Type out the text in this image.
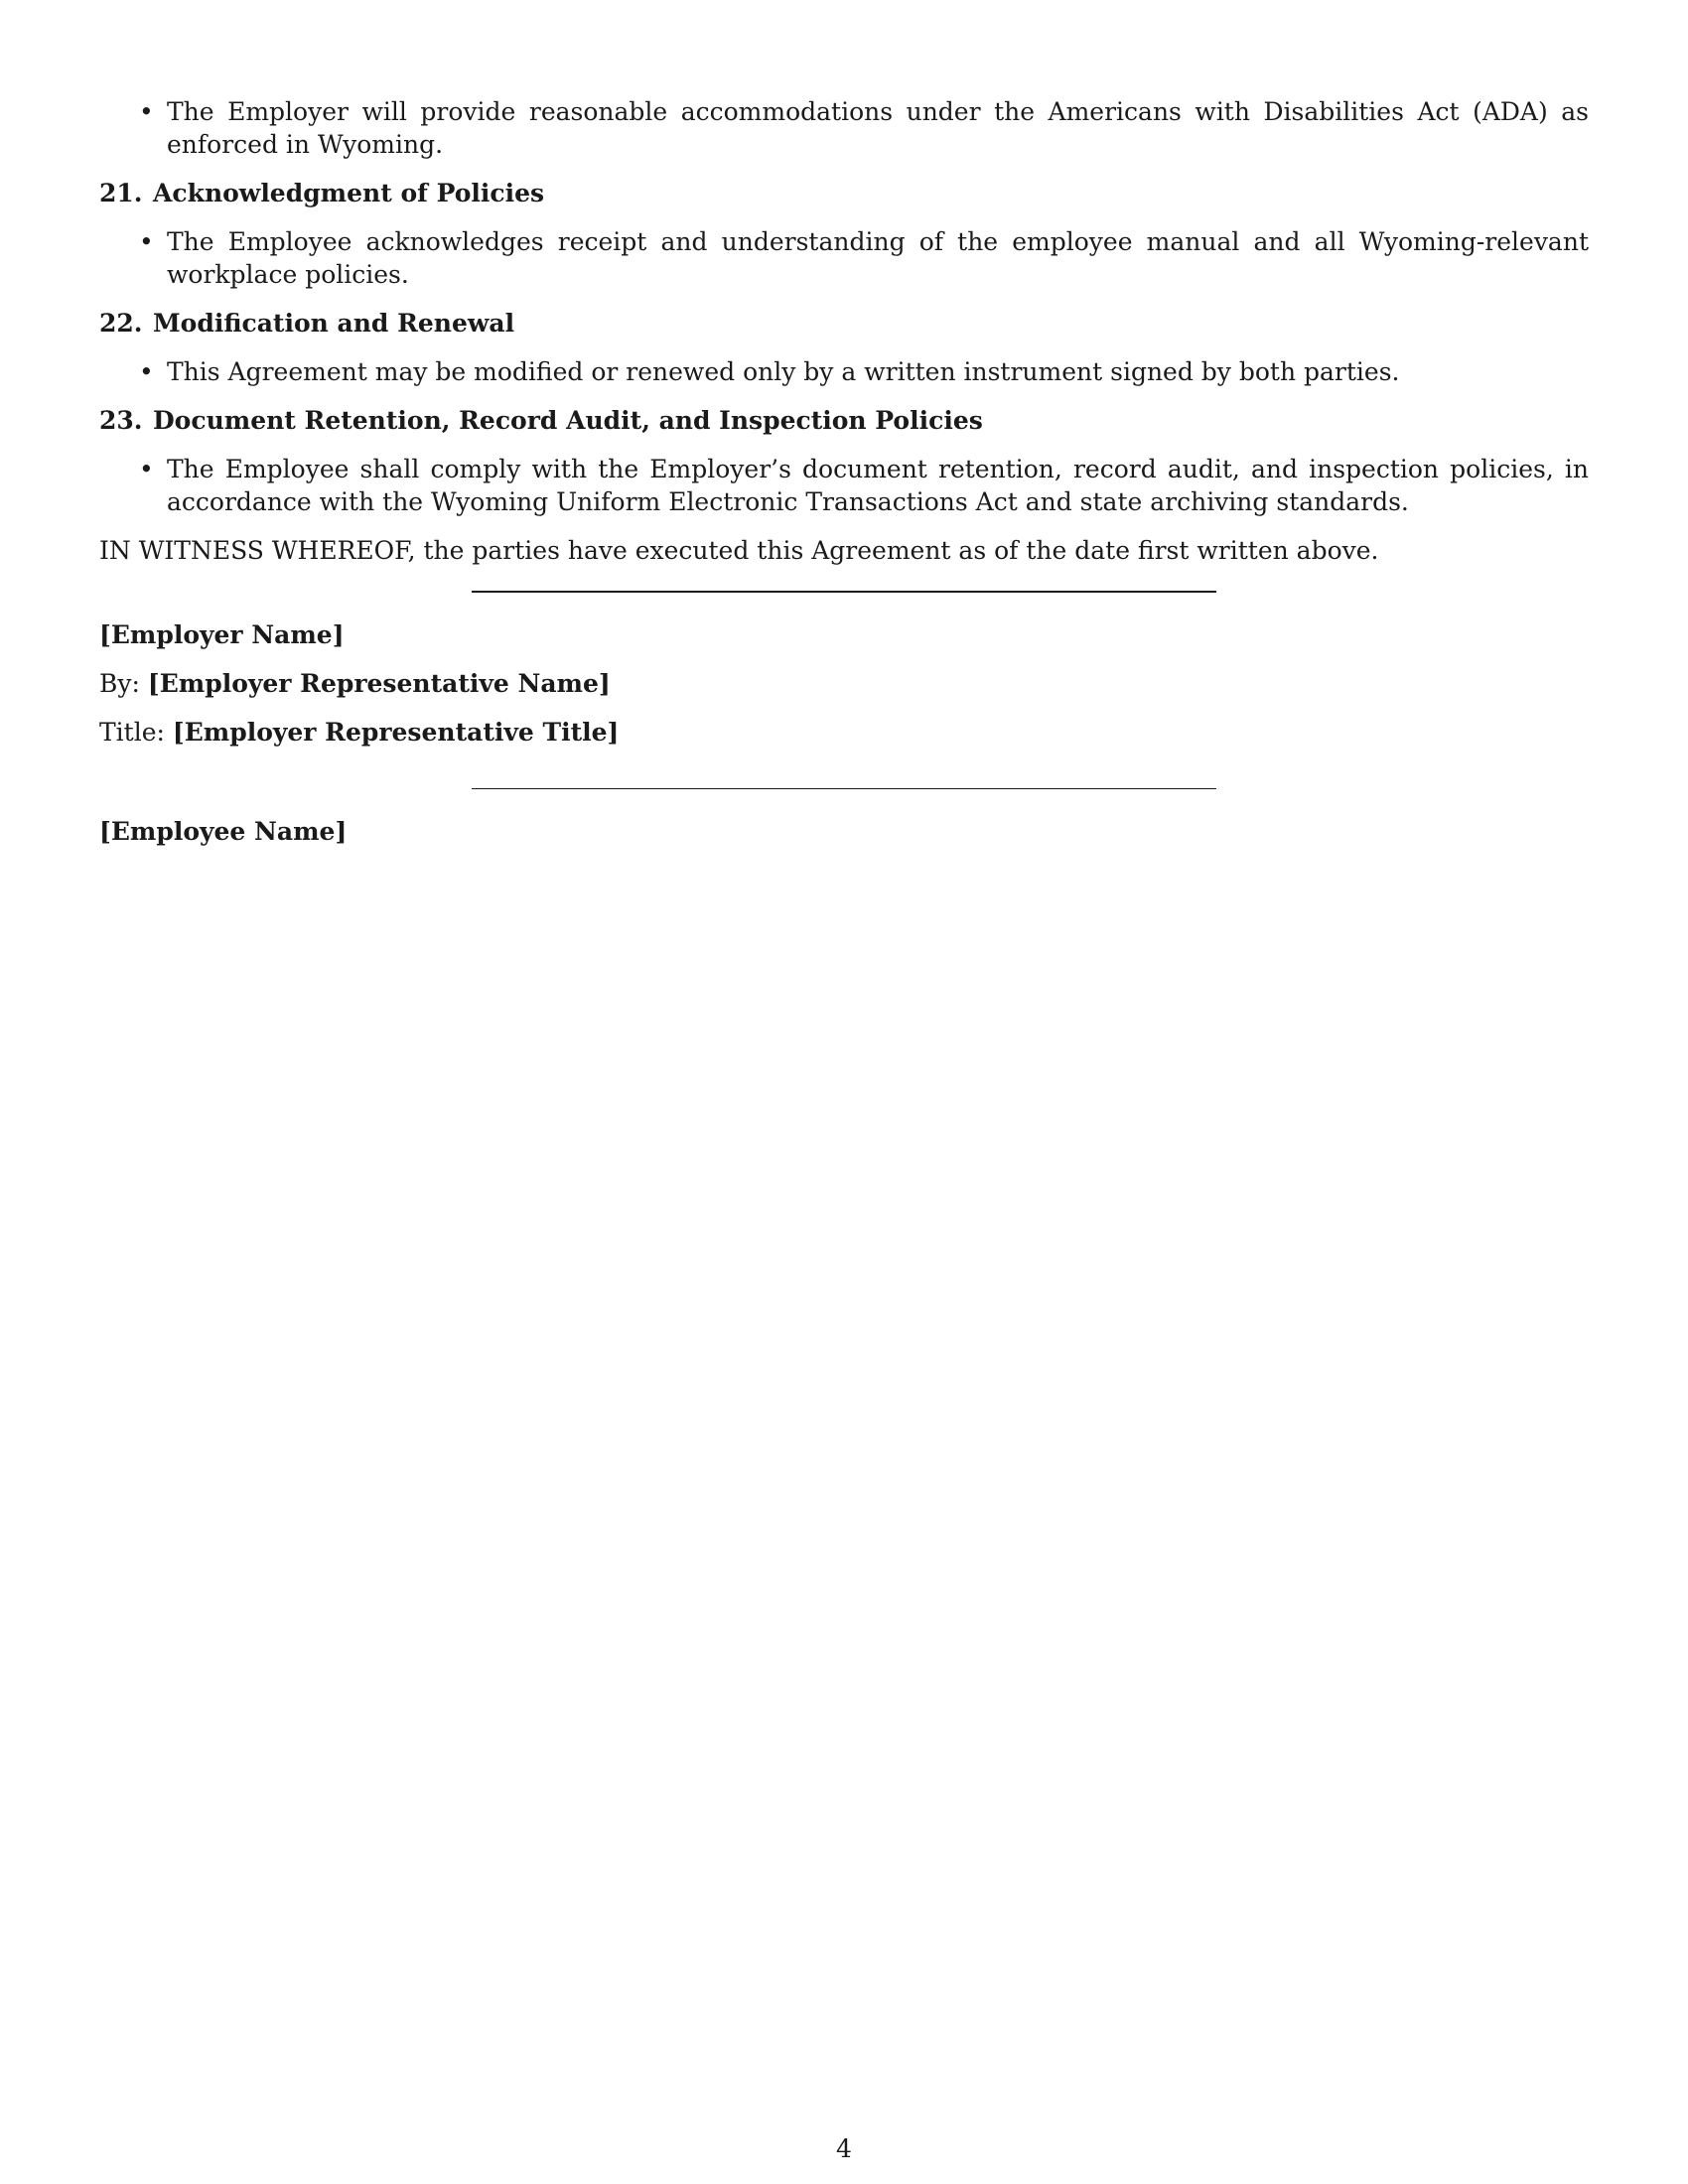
• The Employer will provide reasonable accommodations under the Americans with Disabilities Act (ADA) as enforced in Wyoming.
21. Acknowledgment of Policies
• The Employee acknowledges receipt and understanding of the employee manual and all Wyoming-relevant workplace policies.
22. Modification and Renewal
• This Agreement may be modified or renewed only by a written instrument signed by both parties.
23. Document Retention, Record Audit, and Inspection Policies
• The Employee shall comply with the Employer’s document retention, record audit, and inspection policies, in accordance with the Wyoming Uniform Electronic Transactions Act and state archiving standards.

IN WITNESS WHEREOF, the parties have executed this Agreement as of the date first written above.

[Employer Name]
By: [Employer Representative Name]
Title: [Employer Representative Title]
[Employee Name]
4
